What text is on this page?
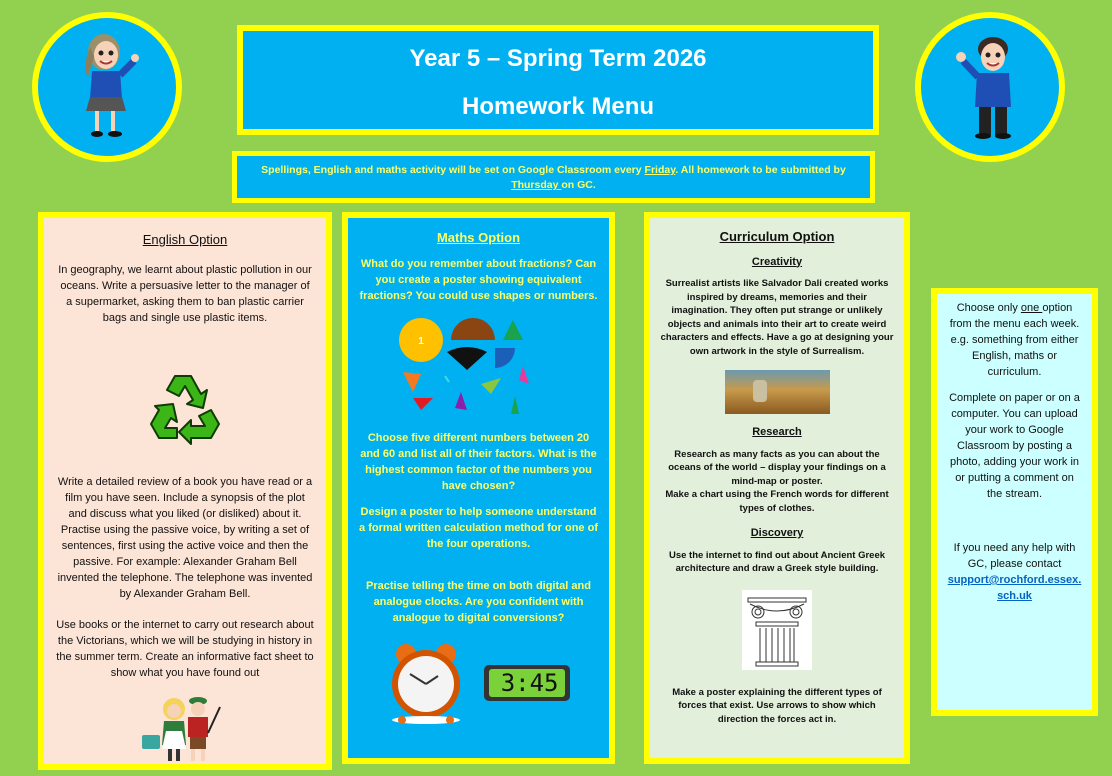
Year 5 – Spring Term 2026
Homework Menu
Spellings, English and maths activity will be set on Google Classroom every Friday. All homework to be submitted by Thursday on GC.
English Option

In geography, we learnt about plastic pollution in our oceans. Write a persuasive letter to the manager of a supermarket, asking them to ban plastic carrier bags and single use plastic items.

Write a detailed review of a book you have read or a film you have seen. Include a synopsis of the plot and discuss what you liked (or disliked) about it. Practise using the passive voice, by writing a set of sentences, first using the active voice and then the passive. For example: Alexander Graham Bell invented the telephone. The telephone was invented by Alexander Graham Bell.

Use books or the internet to carry out research about the Victorians, which we will be studying in history in the summer term. Create an informative fact sheet to show what you have found out

Maths Option

What do you remember about fractions? Can you create a poster showing equivalent fractions? You could use shapes or numbers.

1

Choose five different numbers between 20 and 60 and list all of their factors. What is the highest common factor of the numbers you have chosen?

Design a poster to help someone understand a formal written calculation method for one of the four operations.

Practise telling the time on both digital and analogue clocks. Are you confident with analogue to digital conversions?

3:45
Curriculum Option
Creativity

Surrealist artists like Salvador Dali created works inspired by dreams, memories and their imagination. They often put strange or unlikely objects and animals into their art to create weird characters and effects. Have a go at designing your own artwork in the style of Surrealism.

Research

Research as many facts as you can about the oceans of the world – display your findings on a mind-map or poster.

Make a chart using the French words for different types of clothes.

Discovery

Use the internet to find out about Ancient Greek architecture and draw a Greek style building.

Make a poster explaining the different types of forces that exist. Use arrows to show which direction the forces act in.

Choose only one option from the menu each week. e.g. something from either English, maths or curriculum.

Complete on paper or on a computer. You can upload your work to Google Classroom by posting a photo, adding your work in or putting a comment on the stream.

If you need any help with GC, please contact

support@rochford.essex.sch.uk
